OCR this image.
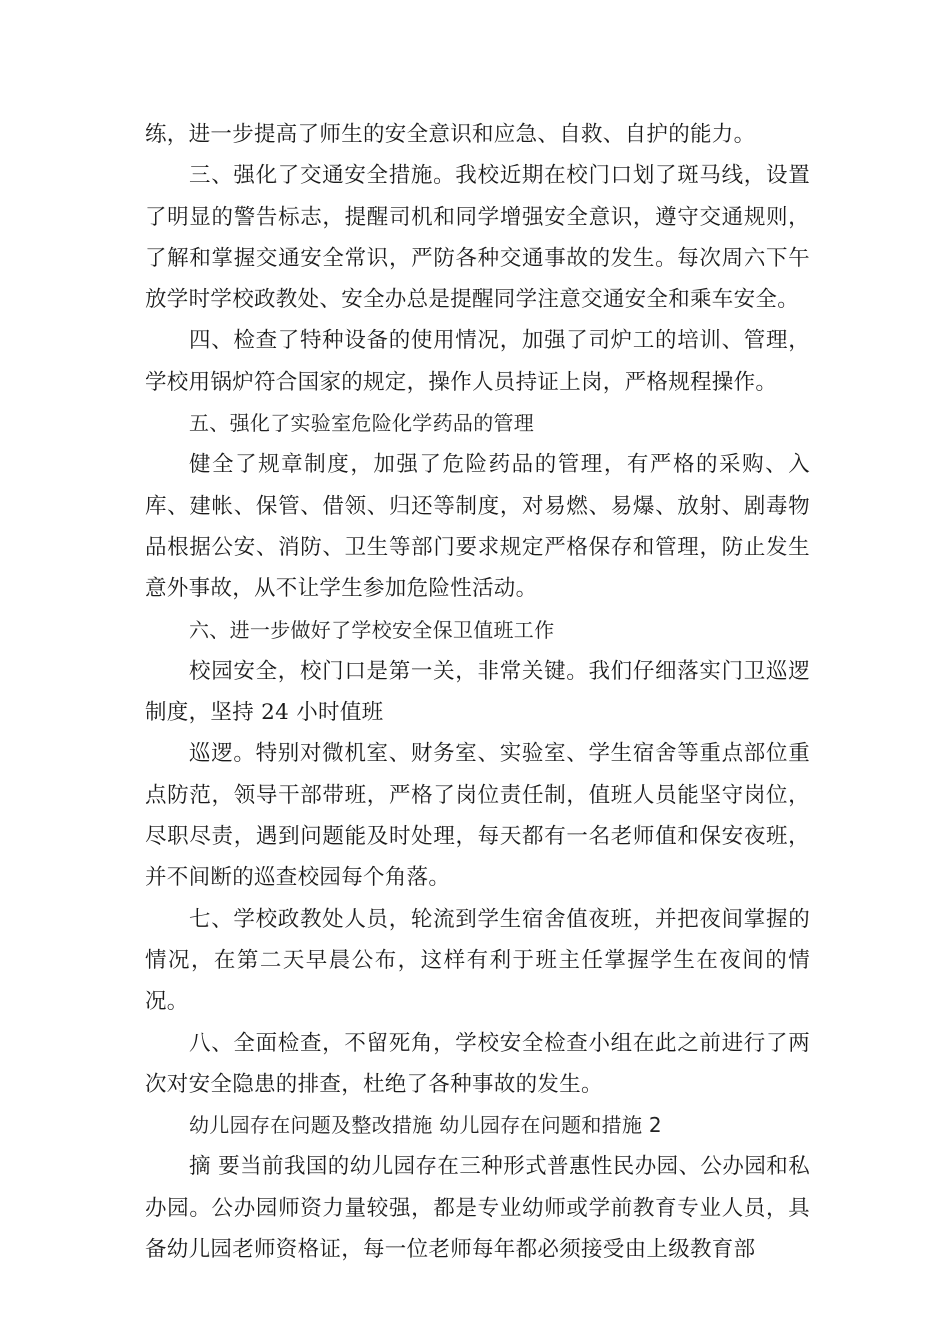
练，进一步提高了师生的安全意识和应急、自救、自护的能力。

三、强化了交通安全措施。我校近期在校门口划了斑马线，设置了明显的警告标志，提醒司机和同学增强安全意识，遵守交通规则，了解和掌握交通安全常识，严防各种交通事故的发生。每次周六下午放学时学校政教处、安全办总是提醒同学注意交通安全和乘车安全。

四、检查了特种设备的使用情况，加强了司炉工的培训、管理，学校用锅炉符合国家的规定，操作人员持证上岗，严格规程操作。

五、强化了实验室危险化学药品的管理

健全了规章制度，加强了危险药品的管理，有严格的采购、入库、建帐、保管、借领、归还等制度，对易燃、易爆、放射、剧毒物品根据公安、消防、卫生等部门要求规定严格保存和管理，防止发生意外事故，从不让学生参加危险性活动。

六、进一步做好了学校安全保卫值班工作

校园安全，校门口是第一关，非常关键。我们仔细落实门卫巡逻制度，坚持 24 小时值班

巡逻。特别对微机室、财务室、实验室、学生宿舍等重点部位重点防范，领导干部带班，严格了岗位责任制，值班人员能坚守岗位，尽职尽责，遇到问题能及时处理，每天都有一名老师值和保安夜班，并不间断的巡查校园每个角落。

七、学校政教处人员，轮流到学生宿舍值夜班，并把夜间掌握的情况，在第二天早晨公布，这样有利于班主任掌握学生在夜间的情况。

八、全面检查，不留死角，学校安全检查小组在此之前进行了两次对安全隐患的排查，杜绝了各种事故的发生。

幼儿园存在问题及整改措施 幼儿园存在问题和措施 2

摘 要当前我国的幼儿园存在三种形式普惠性民办园、公办园和私办园。公办园师资力量较强，都是专业幼师或学前教育专业人员，具备幼儿园老师资格证，每一位老师每年都必须接受由上级教育部
